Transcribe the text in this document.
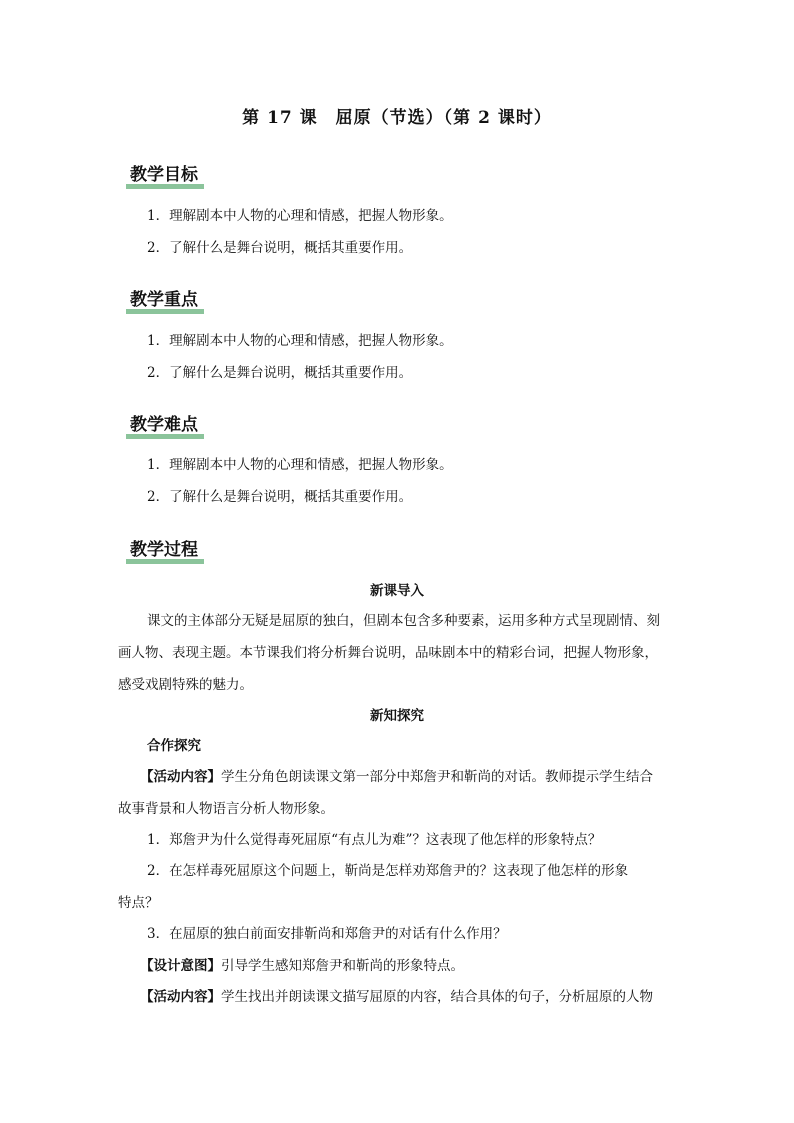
第 17 课　屈原（节选）（第 2 课时）
教学目标
1．理解剧本中人物的心理和情感，把握人物形象。
2．了解什么是舞台说明，概括其重要作用。
教学重点
1．理解剧本中人物的心理和情感，把握人物形象。
2．了解什么是舞台说明，概括其重要作用。
教学难点
1．理解剧本中人物的心理和情感，把握人物形象。
2．了解什么是舞台说明，概括其重要作用。
教学过程
新课导入
课文的主体部分无疑是屈原的独白，但剧本包含多种要素，运用多种方式呈现剧情、刻
画人物、表现主题。本节课我们将分析舞台说明，品味剧本中的精彩台词，把握人物形象，
感受戏剧特殊的魅力。
新知探究
合作探究
【活动内容】学生分角色朗读课文第一部分中郑詹尹和靳尚的对话。教师提示学生结合
故事背景和人物语言分析人物形象。
1．郑詹尹为什么觉得毒死屈原“有点儿为难”？这表现了他怎样的形象特点？
2．在怎样毒死屈原这个问题上，靳尚是怎样劝郑詹尹的？这表现了他怎样的形象
特点？
3．在屈原的独白前面安排靳尚和郑詹尹的对话有什么作用？
【设计意图】引导学生感知郑詹尹和靳尚的形象特点。
【活动内容】学生找出并朗读课文描写屈原的内容，结合具体的句子，分析屈原的人物
